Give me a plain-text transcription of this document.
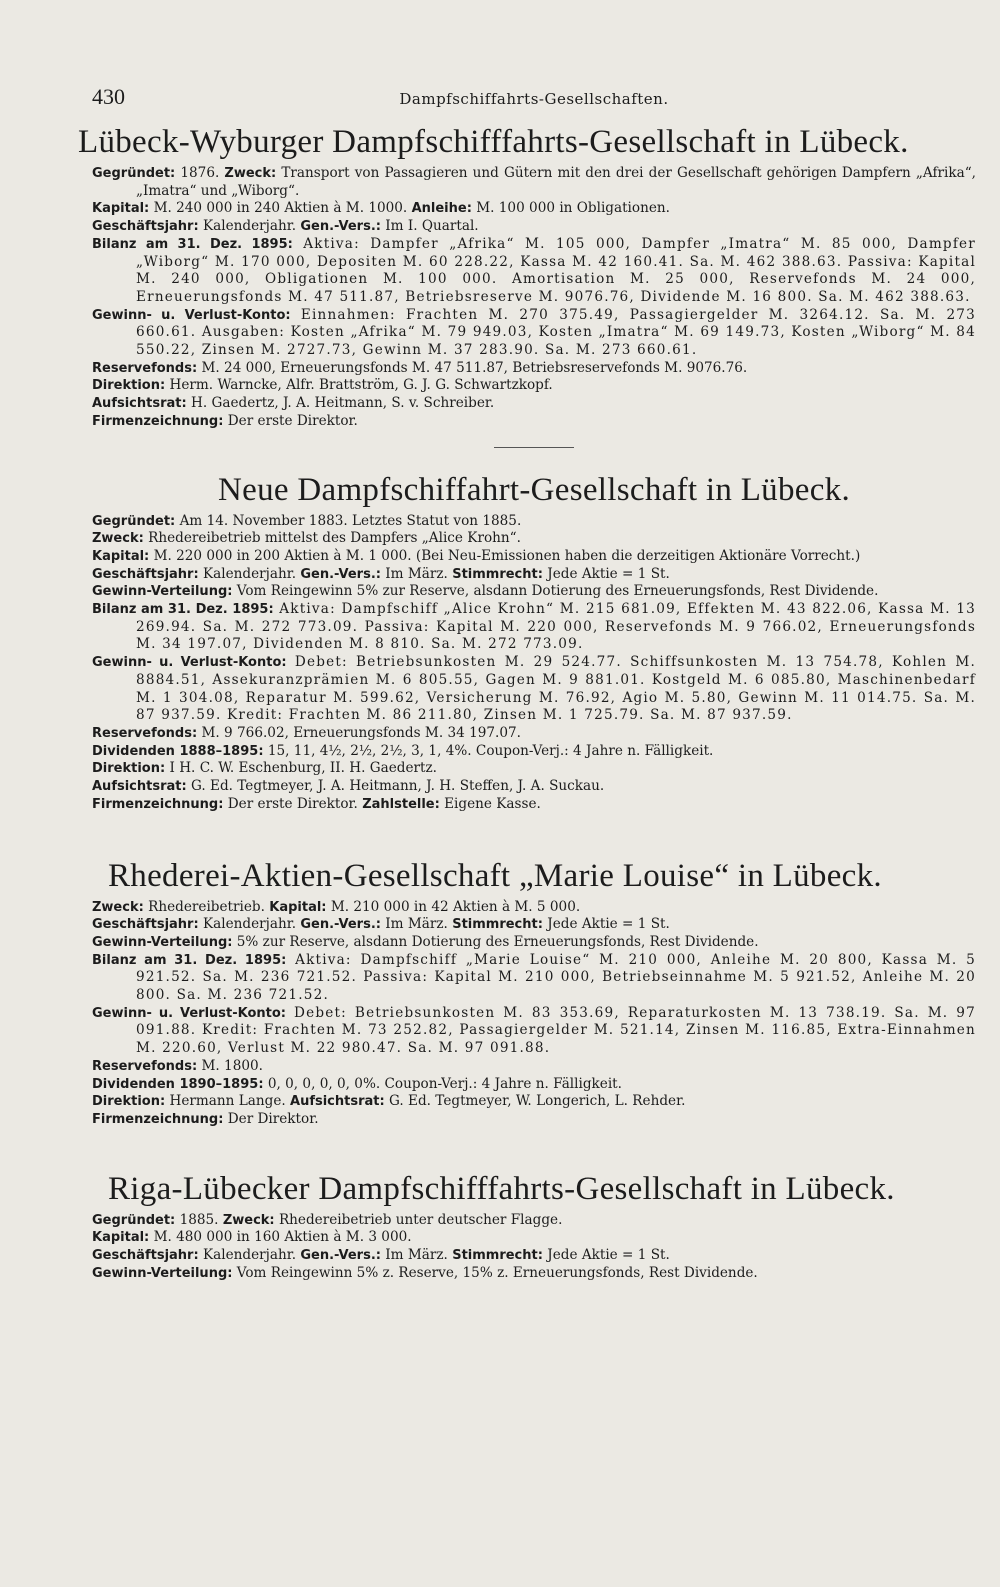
430	Dampfschiffahrts-Gesellschaften.
Lübeck-Wyburger Dampfschifffahrts-Gesellschaft in Lübeck.

Gegründet: 1876. Zweck: Transport von Passagieren und Gütern mit den drei der Gesellschaft gehörigen Dampfern „Afrika“, „Imatra“ und „Wiborg“.

Kapital: M. 240 000 in 240 Aktien à M. 1000. Anleihe: M. 100 000 in Obligationen.

Geschäftsjahr: Kalenderjahr. Gen.-Vers.: Im I. Quartal.

Bilanz am 31. Dez. 1895: Aktiva: Dampfer „Afrika“ M. 105 000, Dampfer „Imatra“ M. 85 000, Dampfer „Wiborg“ M. 170 000, Depositen M. 60 228.22, Kassa M. 42 160.41. Sa. M. 462 388.63. Passiva: Kapital M. 240 000, Obligationen M. 100 000. Amortisation M. 25 000, Reservefonds M. 24 000, Erneuerungsfonds M. 47 511.87, Betriebsreserve M. 9076.76, Dividende M. 16 800. Sa. M. 462 388.63.

Gewinn- u. Verlust-Konto: Einnahmen: Frachten M. 270 375.49, Passagiergelder M. 3264.12. Sa. M. 273 660.61. Ausgaben: Kosten „Afrika“ M. 79 949.03, Kosten „Imatra“ M. 69 149.73, Kosten „Wiborg“ M. 84 550.22, Zinsen M. 2727.73, Gewinn M. 37 283.90. Sa. M. 273 660.61.

Reservefonds: M. 24 000, Erneuerungsfonds M. 47 511.87, Betriebsreservefonds M. 9076.76.

Direktion: Herm. Warncke, Alfr. Brattström, G. J. G. Schwartzkopf.

Aufsichtsrat: H. Gaedertz, J. A. Heitmann, S. v. Schreiber.

Firmenzeichnung: Der erste Direktor.

Neue Dampfschiffahrt-Gesellschaft in Lübeck.

Gegründet: Am 14. November 1883. Letztes Statut von 1885.

Zweck: Rhedereibetrieb mittelst des Dampfers „Alice Krohn“.

Kapital: M. 220 000 in 200 Aktien à M. 1 000. (Bei Neu-Emissionen haben die derzeitigen Aktionäre Vorrecht.)

Geschäftsjahr: Kalenderjahr. Gen.-Vers.: Im März. Stimmrecht: Jede Aktie = 1 St.

Gewinn-Verteilung: Vom Reingewinn 5% zur Reserve, alsdann Dotierung des Erneuerungsfonds, Rest Dividende.

Bilanz am 31. Dez. 1895: Aktiva: Dampfschiff „Alice Krohn“ M. 215 681.09, Effekten M. 43 822.06, Kassa M. 13 269.94. Sa. M. 272 773.09. Passiva: Kapital M. 220 000, Reservefonds M. 9 766.02, Erneuerungsfonds M. 34 197.07, Dividenden M. 8 810. Sa. M. 272 773.09.

Gewinn- u. Verlust-Konto: Debet: Betriebsunkosten M. 29 524.77. Schiffsunkosten M. 13 754.78, Kohlen M. 8884.51, Assekuranzprämien M. 6 805.55, Gagen M. 9 881.01. Kostgeld M. 6 085.80, Maschinenbedarf M. 1 304.08, Reparatur M. 599.62, Versicherung M. 76.92, Agio M. 5.80, Gewinn M. 11 014.75. Sa. M. 87 937.59. Kredit: Frachten M. 86 211.80, Zinsen M. 1 725.79. Sa. M. 87 937.59.

Reservefonds: M. 9 766.02, Erneuerungsfonds M. 34 197.07.

Dividenden 1888–1895: 15, 11, 4½, 2½, 2½, 3, 1, 4%. Coupon-Verj.: 4 Jahre n. Fälligkeit.

Direktion: I H. C. W. Eschenburg, II. H. Gaedertz.

Aufsichtsrat: G. Ed. Tegtmeyer, J. A. Heitmann, J. H. Steffen, J. A. Suckau.

Firmenzeichnung: Der erste Direktor. Zahlstelle: Eigene Kasse.

Rhederei-Aktien-Gesellschaft „Marie Louise“ in Lübeck.

Zweck: Rhedereibetrieb. Kapital: M. 210 000 in 42 Aktien à M. 5 000.

Geschäftsjahr: Kalenderjahr. Gen.-Vers.: Im März. Stimmrecht: Jede Aktie = 1 St.

Gewinn-Verteilung: 5% zur Reserve, alsdann Dotierung des Erneuerungsfonds, Rest Dividende.

Bilanz am 31. Dez. 1895: Aktiva: Dampfschiff „Marie Louise“ M. 210 000, Anleihe M. 20 800, Kassa M. 5 921.52. Sa. M. 236 721.52. Passiva: Kapital M. 210 000, Betriebseinnahme M. 5 921.52, Anleihe M. 20 800. Sa. M. 236 721.52.

Gewinn- u. Verlust-Konto: Debet: Betriebsunkosten M. 83 353.69, Reparaturkosten M. 13 738.19. Sa. M. 97 091.88. Kredit: Frachten M. 73 252.82, Passagiergelder M. 521.14, Zinsen M. 116.85, Extra-Einnahmen M. 220.60, Verlust M. 22 980.47. Sa. M. 97 091.88.

Reservefonds: M. 1800.

Dividenden 1890–1895: 0, 0, 0, 0, 0, 0%. Coupon-Verj.: 4 Jahre n. Fälligkeit.

Direktion: Hermann Lange. Aufsichtsrat: G. Ed. Tegtmeyer, W. Longerich, L. Rehder.

Firmenzeichnung: Der Direktor.

Riga-Lübecker Dampfschifffahrts-Gesellschaft in Lübeck.

Gegründet: 1885. Zweck: Rhedereibetrieb unter deutscher Flagge.

Kapital: M. 480 000 in 160 Aktien à M. 3 000.

Geschäftsjahr: Kalenderjahr. Gen.-Vers.: Im März. Stimmrecht: Jede Aktie = 1 St.

Gewinn-Verteilung: Vom Reingewinn 5% z. Reserve, 15% z. Erneuerungsfonds, Rest Dividende.
